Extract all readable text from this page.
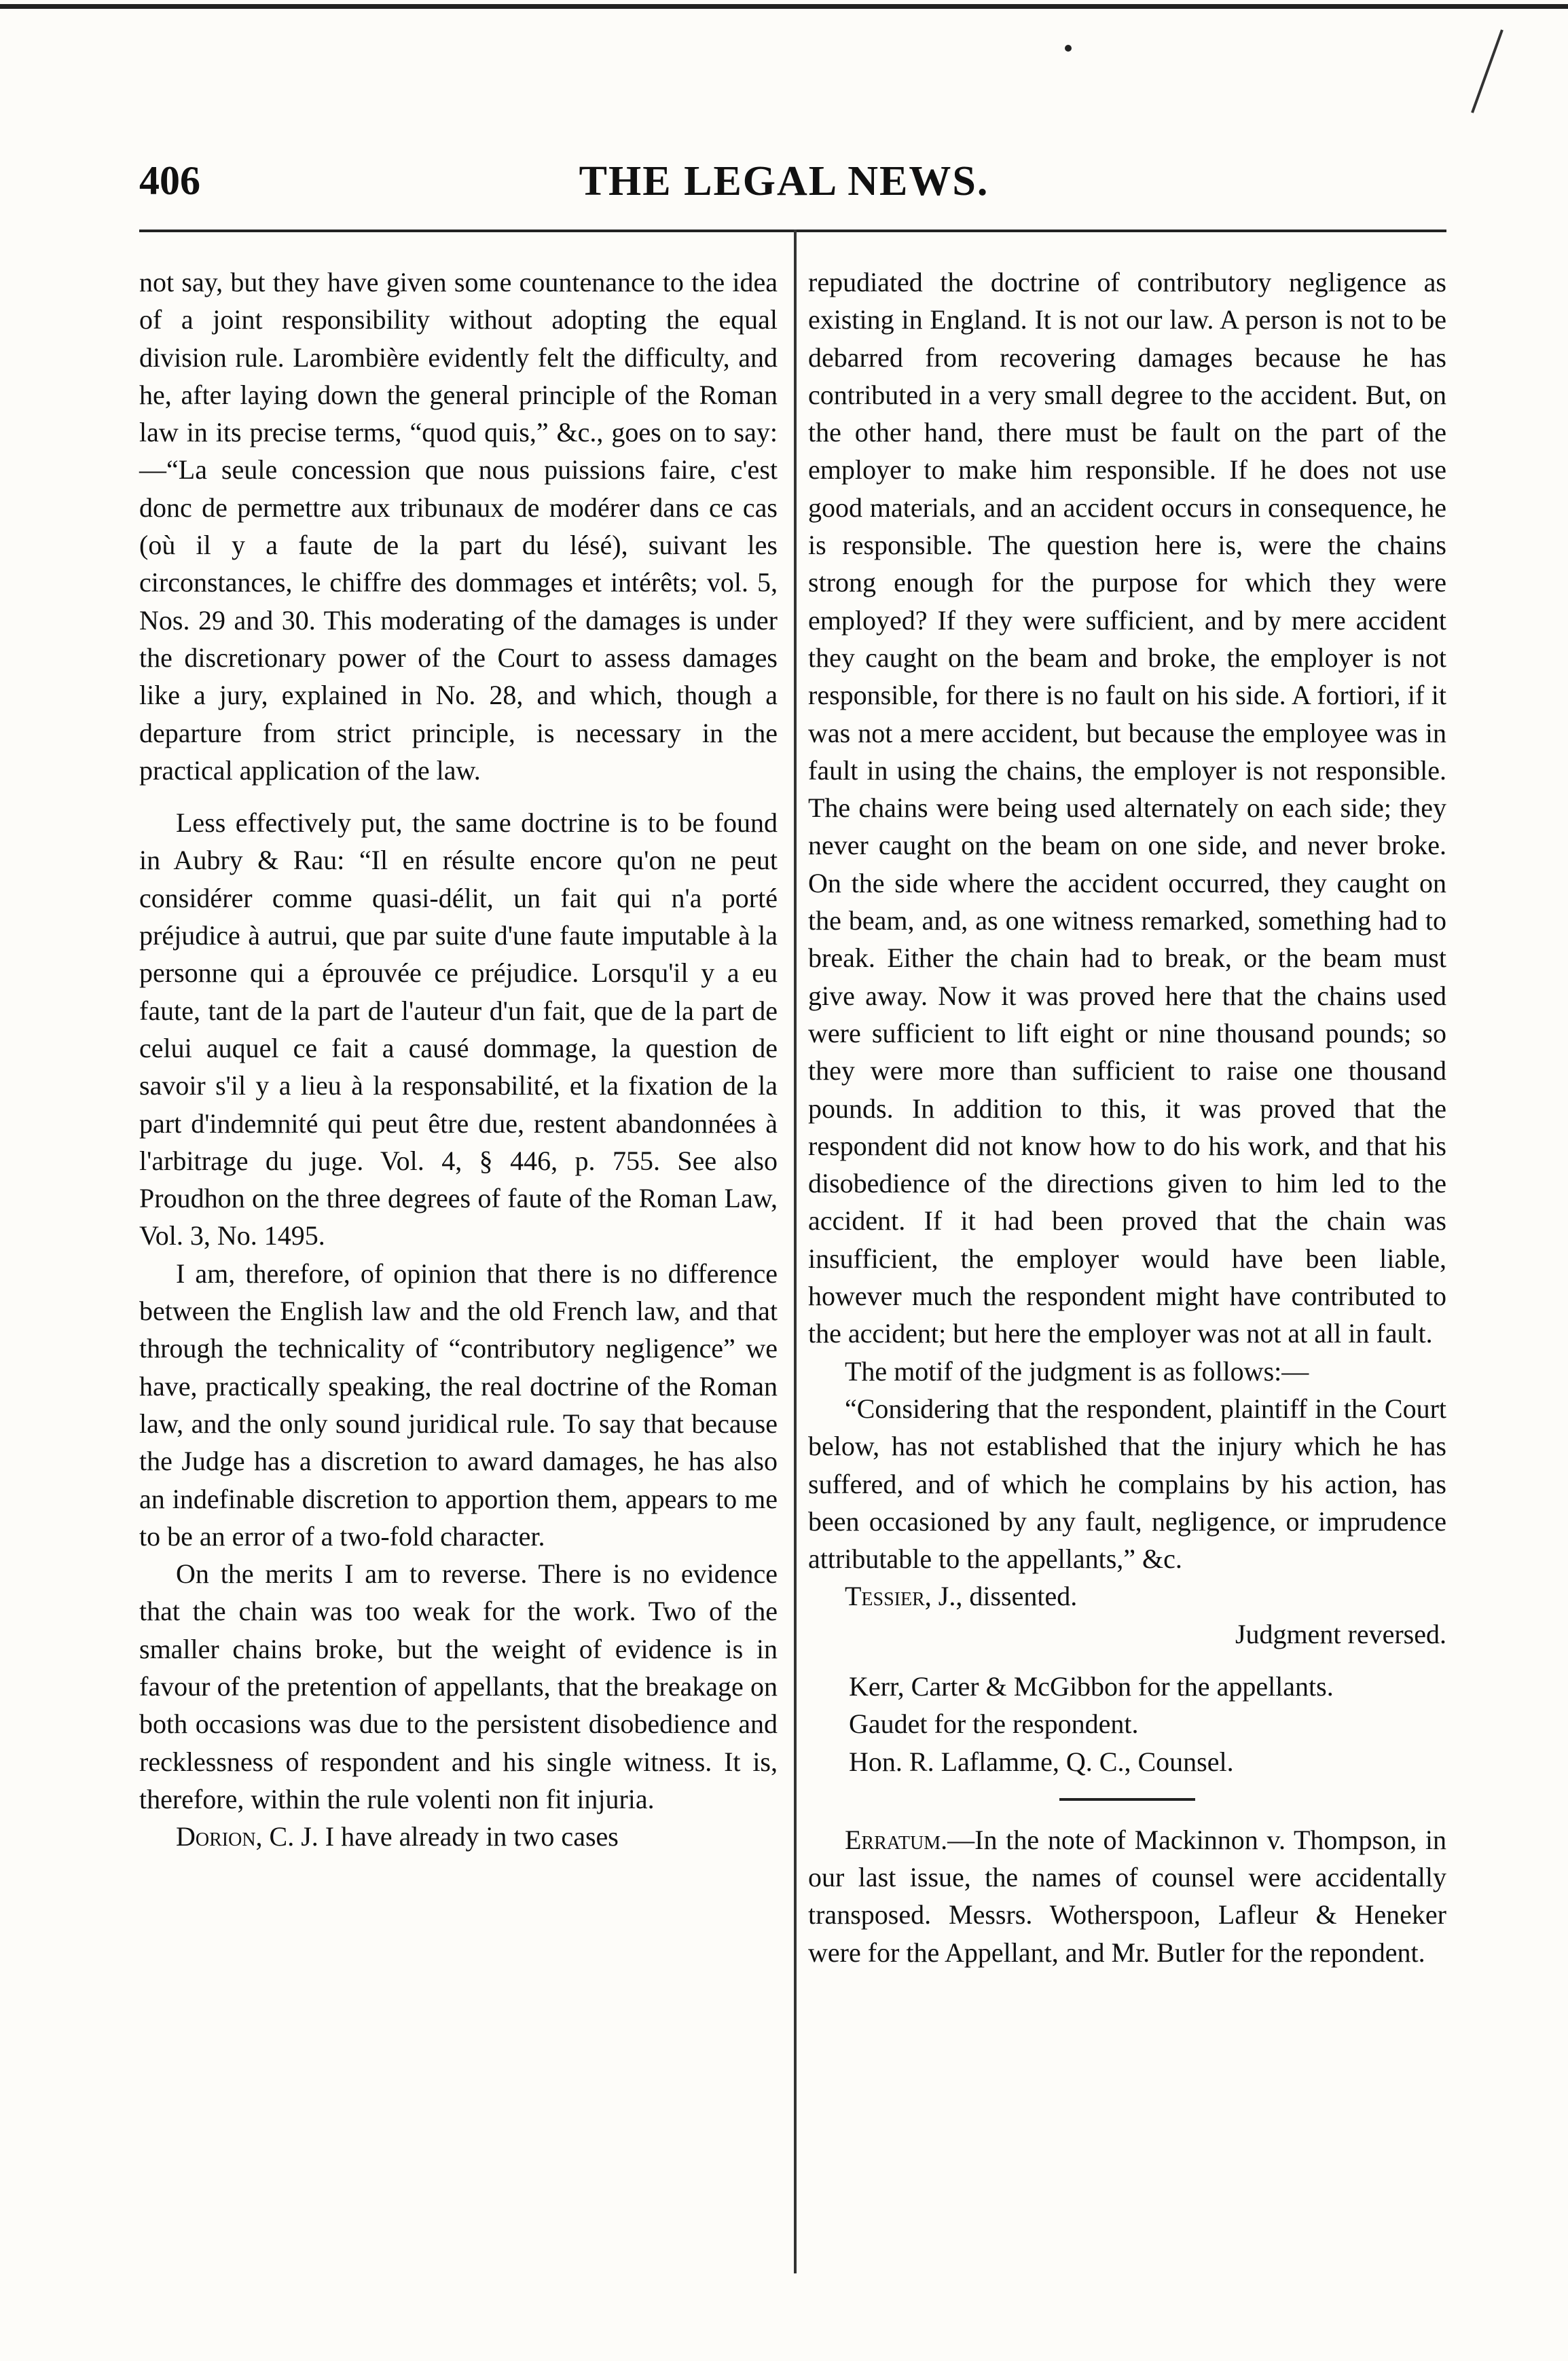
406	THE LEGAL NEWS.

not say, but they have given some countenance to the idea of a joint responsibility without adopting the equal division rule. Larombière evidently felt the difficulty, and he, after laying down the general principle of the Roman law in its precise terms, “quod quis,” &c., goes on to say:—“La seule concession que nous puissions faire, c'est donc de permettre aux tribunaux de modérer dans ce cas (où il y a faute de la part du lésé), suivant les circonstances, le chiffre des dommages et intérêts; vol. 5, Nos. 29 and 30. This moderating of the damages is under the discretionary power of the Court to assess damages like a jury, explained in No. 28, and which, though a departure from strict principle, is necessary in the practical application of the law.

Less effectively put, the same doctrine is to be found in Aubry & Rau: “Il en résulte encore qu'on ne peut considérer comme quasi-délit, un fait qui n'a porté préjudice à autrui, que par suite d'une faute imputable à la personne qui a éprouvée ce préjudice. Lorsqu'il y a eu faute, tant de la part de l'auteur d'un fait, que de la part de celui auquel ce fait a causé dommage, la question de savoir s'il y a lieu à la responsabilité, et la fixation de la part d'indemnité qui peut être due, restent abandonnées à l'arbitrage du juge. Vol. 4, § 446, p. 755. See also Proudhon on the three degrees of faute of the Roman Law, Vol. 3, No. 1495.

I am, therefore, of opinion that there is no difference between the English law and the old French law, and that through the technicality of “contributory negligence” we have, practically speaking, the real doctrine of the Roman law, and the only sound juridical rule. To say that because the Judge has a discretion to award damages, he has also an indefinable discretion to apportion them, appears to me to be an error of a two-fold character.

On the merits I am to reverse. There is no evidence that the chain was too weak for the work. Two of the smaller chains broke, but the weight of evidence is in favour of the pretention of appellants, that the breakage on both occasions was due to the persistent disobedience and recklessness of respondent and his single witness. It is, therefore, within the rule volenti non fit injuria.

Dorion, C. J. I have already in two cases

repudiated the doctrine of contributory negligence as existing in England. It is not our law. A person is not to be debarred from recovering damages because he has contributed in a very small degree to the accident. But, on the other hand, there must be fault on the part of the employer to make him responsible. If he does not use good materials, and an accident occurs in consequence, he is responsible. The question here is, were the chains strong enough for the purpose for which they were employed? If they were sufficient, and by mere accident they caught on the beam and broke, the employer is not responsible, for there is no fault on his side. A fortiori, if it was not a mere accident, but because the employee was in fault in using the chains, the employer is not responsible. The chains were being used alternately on each side; they never caught on the beam on one side, and never broke. On the side where the accident occurred, they caught on the beam, and, as one witness remarked, something had to break. Either the chain had to break, or the beam must give away. Now it was proved here that the chains used were sufficient to lift eight or nine thousand pounds; so they were more than sufficient to raise one thousand pounds. In addition to this, it was proved that the respondent did not know how to do his work, and that his disobedience of the directions given to him led to the accident. If it had been proved that the chain was insufficient, the employer would have been liable, however much the respondent might have contributed to the accident; but here the employer was not at all in fault.

The motif of the judgment is as follows:—

“Considering that the respondent, plaintiff in the Court below, has not established that the injury which he has suffered, and of which he complains by his action, has been occasioned by any fault, negligence, or imprudence attributable to the appellants,” &c.

Tessier, J., dissented.

Judgment reversed.

Kerr, Carter & McGibbon for the appellants.

Gaudet for the respondent.

Hon. R. Laflamme, Q. C., Counsel.

Erratum.—In the note of Mackinnon v. Thompson, in our last issue, the names of counsel were accidentally transposed. Messrs. Wotherspoon, Lafleur & Heneker were for the Appellant, and Mr. Butler for the repondent.
